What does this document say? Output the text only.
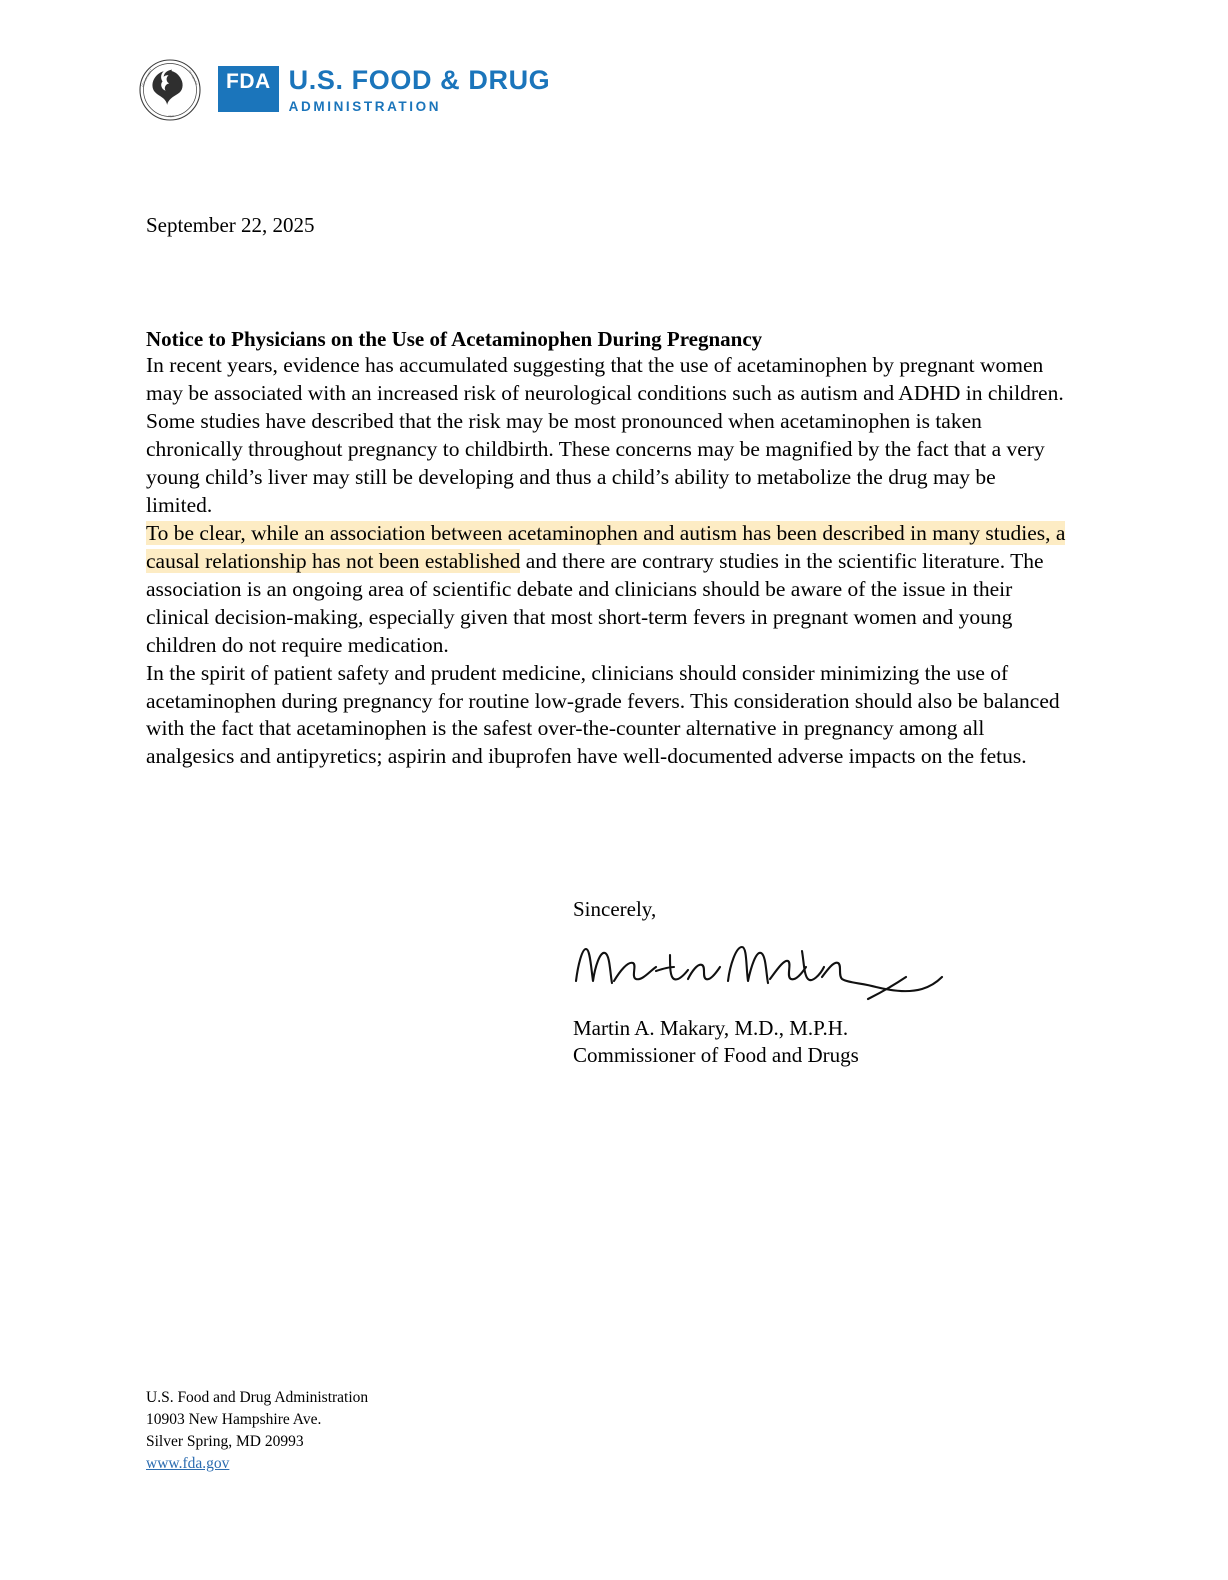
DEPARTMENT	OF HEALTH
USA
FDA U.S. FOOD & DRUG
ADMINISTRATION
September 22, 2025
Notice to Physicians on the Use of Acetaminophen During Pregnancy

In recent years, evidence has accumulated suggesting that the use of acetaminophen by pregnant women may be associated with an increased risk of neurological conditions such as autism and ADHD in children. Some studies have described that the risk may be most pronounced when acetaminophen is taken chronically throughout pregnancy to childbirth. These concerns may be magnified by the fact that a very young child’s liver may still be developing and thus a child’s ability to metabolize the drug may be limited.

To be clear, while an association between acetaminophen and autism has been described in many studies, a causal relationship has not been established and there are contrary studies in the scientific literature. The association is an ongoing area of scientific debate and clinicians should be aware of the issue in their clinical decision-making, especially given that most short-term fevers in pregnant women and young children do not require medication.

In the spirit of patient safety and prudent medicine, clinicians should consider minimizing the use of acetaminophen during pregnancy for routine low-grade fevers. This consideration should also be balanced with the fact that acetaminophen is the safest over-the-counter alternative in pregnancy among all analgesics and antipyretics; aspirin and ibuprofen have well-documented adverse impacts on the fetus.

Sincerely,
Martin A. Makary, M.D., M.P.H.
Commissioner of Food and Drugs
U.S. Food and Drug Administration
10903 New Hampshire Ave.
Silver Spring, MD 20993
www.fda.gov
